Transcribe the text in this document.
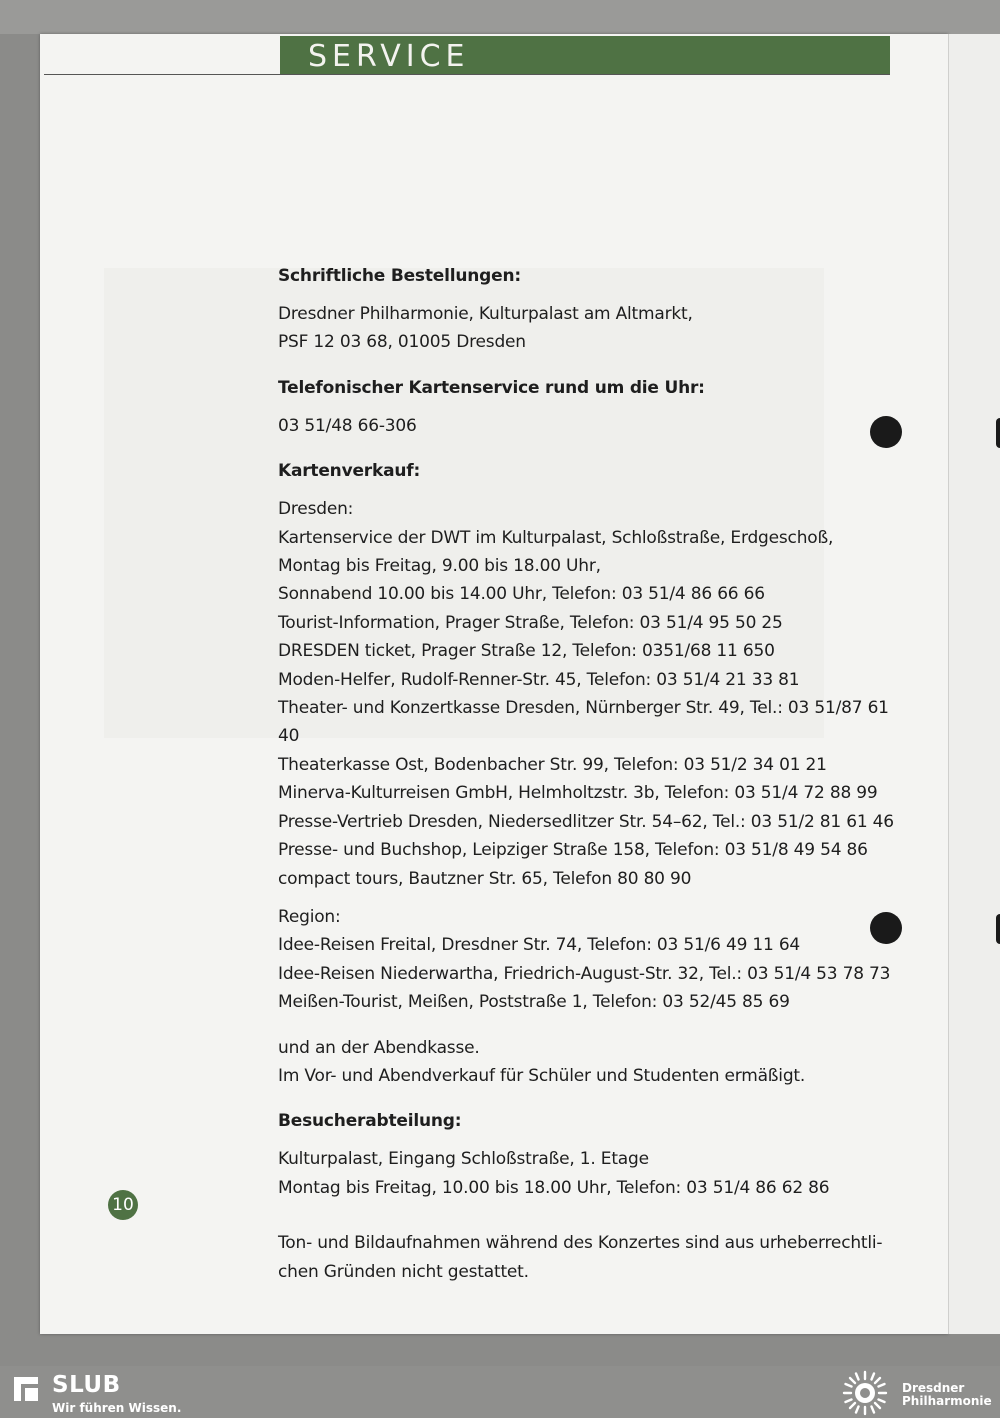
SERVICE
Schriftliche Bestellungen:

Dresdner Philharmonie, Kulturpalast am Altmarkt,

PSF 12 03 68, 01005 Dresden

Telefonischer Kartenservice rund um die Uhr:

03 51/48 66-306

Kartenverkauf:

Dresden:

Kartenservice der DWT im Kulturpalast, Schloßstraße, Erdgeschoß,

Montag bis Freitag, 9.00 bis 18.00 Uhr,

Sonnabend 10.00 bis 14.00 Uhr, Telefon: 03 51/4 86 66 66

Tourist-Information, Prager Straße, Telefon: 03 51/4 95 50 25

DRESDEN ticket, Prager Straße 12, Telefon: 0351/68 11 650

Moden-Helfer, Rudolf-Renner-Str. 45, Telefon: 03 51/4 21 33 81

Theater- und Konzertkasse Dresden, Nürnberger Str. 49, Tel.: 03 51/87 61 40

Theaterkasse Ost, Bodenbacher Str. 99, Telefon: 03 51/2 34 01 21

Minerva-Kulturreisen GmbH, Helmholtzstr. 3b, Telefon: 03 51/4 72 88 99

Presse-Vertrieb Dresden, Niedersedlitzer Str. 54–62, Tel.: 03 51/2 81 61 46

Presse- und Buchshop, Leipziger Straße 158, Telefon: 03 51/8 49 54 86

compact tours, Bautzner Str. 65, Telefon 80 80 90

Region:

Idee-Reisen Freital, Dresdner Str. 74, Telefon: 03 51/6 49 11 64

Idee-Reisen Niederwartha, Friedrich-August-Str. 32, Tel.: 03 51/4 53 78 73

Meißen-Tourist, Meißen, Poststraße 1, Telefon: 03 52/45 85 69

und an der Abendkasse.

Im Vor- und Abendverkauf für Schüler und Studenten ermäßigt.

Besucherabteilung:

Kulturpalast, Eingang Schloßstraße, 1. Etage

Montag bis Freitag, 10.00 bis 18.00 Uhr, Telefon: 03 51/4 86 62 86

Ton- und Bildaufnahmen während des Konzertes sind aus urheberrechtli-

chen Gründen nicht gestattet.

10
SLUB
Wir führen Wissen.
Dresdner
Philharmonie
